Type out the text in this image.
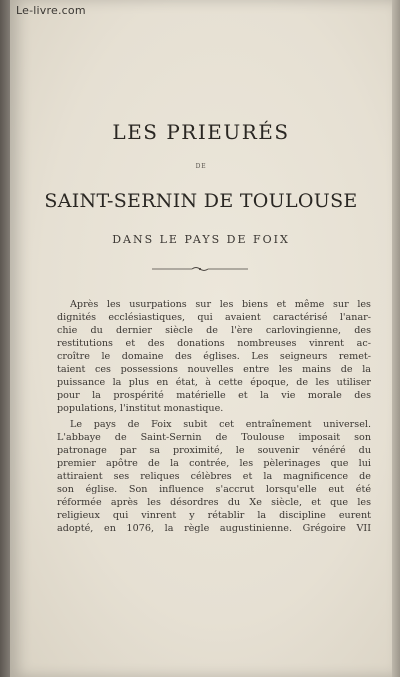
Le-livre.com
LES PRIEURÉS
DE
SAINT-SERNIN DE TOULOUSE
DANS LE PAYS DE FOIX
Après les usurpations sur les biens et même sur les
dignités ecclésiastiques, qui avaient caractérisé l'anar-
chie du dernier siècle de l'ère carlovingienne, des
restitutions et des donations nombreuses vinrent ac-
croître le domaine des églises. Les seigneurs remet-
taient ces possessions nouvelles entre les mains de la
puissance la plus en état, à cette époque, de les utiliser
pour la prospérité matérielle et la vie morale des
populations, l'institut monastique.
Le pays de Foix subit cet entraînement universel.
L'abbaye de Saint-Sernin de Toulouse imposait son
patronage par sa proximité, le souvenir vénéré du
premier apôtre de la contrée, les pèlerinages que lui
attiraient ses reliques célèbres et la magnificence de
son église. Son influence s'accrut lorsqu'elle eut été
réformée après les désordres du Xe siècle, et que les
religieux qui vinrent y rétablir la discipline eurent
adopté, en 1076, la règle augustinienne. Grégoire VII
